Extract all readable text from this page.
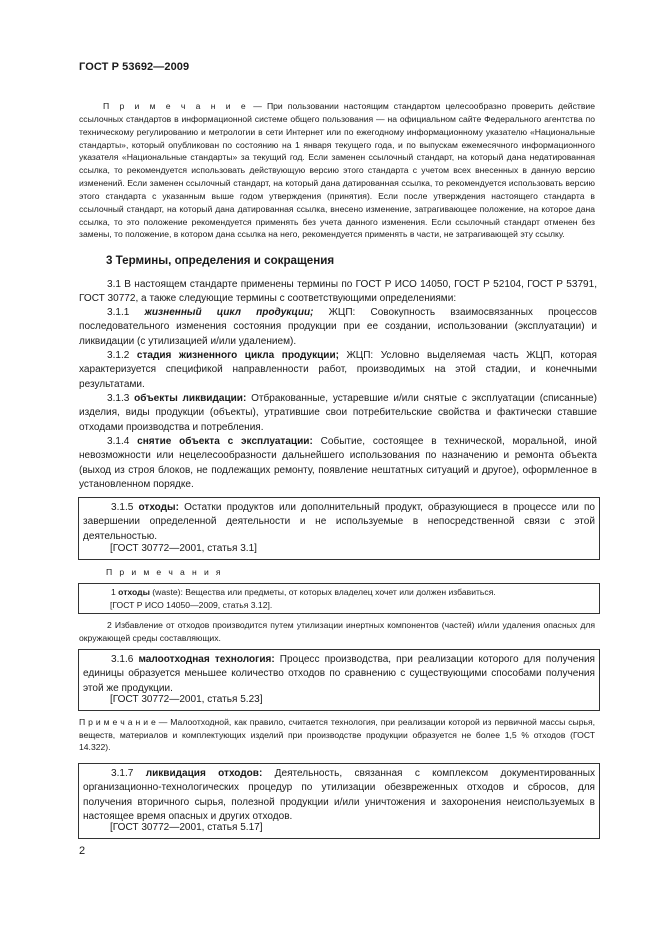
ГОСТ Р 53692—2009
П р и м е ч а н и е — При пользовании настоящим стандартом целесообразно проверить действие ссылочных стандартов в информационной системе общего пользования — на официальном сайте Федерального агентства по техническому регулированию и метрологии в сети Интернет или по ежегодному информационному указателю «Национальные стандарты», который опубликован по состоянию на 1 января текущего года, и по выпускам ежемесячного информационного указателя «Национальные стандарты» за текущий год. Если заменен ссылочный стандарт, на который дана недатированная ссылка, то рекомендуется использовать действующую версию этого стандарта с учетом всех внесенных в данную версию изменений. Если заменен ссылочный стандарт, на который дана датированная ссылка, то рекомендуется использовать версию этого стандарта с указанным выше годом утверждения (принятия). Если после утверждения настоящего стандарта в ссылочный стандарт, на который дана датированная ссылка, внесено изменение, затрагивающее положение, на которое дана ссылка, то это положение рекомендуется применять без учета данного изменения. Если ссылочный стандарт отменен без замены, то положение, в котором дана ссылка на него, рекомендуется применять в части, не затрагивающей эту ссылку.
3 Термины, определения и сокращения
3.1 В настоящем стандарте применены термины по ГОСТ Р ИСО 14050, ГОСТ Р 52104, ГОСТ Р 53791, ГОСТ 30772, а также следующие термины с соответствующими определениями:
3.1.1 жизненный цикл продукции; ЖЦП: Совокупность взаимосвязанных процессов последовательного изменения состояния продукции при ее создании, использовании (эксплуатации) и ликвидации (с утилизацией и/или удалением).
3.1.2 стадия жизненного цикла продукции; ЖЦП: Условно выделяемая часть ЖЦП, которая характеризуется спецификой направленности работ, производимых на этой стадии, и конечными результатами.
3.1.3 объекты ликвидации: Отбракованные, устаревшие и/или снятые с эксплуатации (списанные) изделия, виды продукции (объекты), утратившие свои потребительские свойства и фактически ставшие отходами производства и потребления.
3.1.4 снятие объекта с эксплуатации: Событие, состоящее в технической, моральной, иной невозможности или нецелесообразности дальнейшего использования по назначению и ремонта объекта (выход из строя блоков, не подлежащих ремонту, появление нештатных ситуаций и другое), оформленное в установленном порядке.
3.1.5 отходы: Остатки продуктов или дополнительный продукт, образующиеся в процессе или по завершении определенной деятельности и не используемые в непосредственной связи с этой деятельностью.
[ГОСТ 30772—2001, статья 3.1]
П р и м е ч а н и я
1 отходы (waste): Вещества или предметы, от которых владелец хочет или должен избавиться.
[ГОСТ Р ИСО 14050—2009, статья 3.12].
2 Избавление от отходов производится путем утилизации инертных компонентов (частей) и/или удаления опасных для окружающей среды составляющих.
3.1.6 малоотходная технология: Процесс производства, при реализации которого для получения единицы образуется меньшее количество отходов по сравнению с существующими способами получения этой же продукции.
[ГОСТ 30772—2001, статья 5.23]
П р и м е ч а н и е — Малоотходной, как правило, считается технология, при реализации которой из первичной массы сырья, веществ, материалов и комплектующих изделий при производстве продукции образуется не более 1,5 % отходов (ГОСТ 14.322).
3.1.7 ликвидация отходов: Деятельность, связанная с комплексом документированных организационно-технологических процедур по утилизации обезвреженных отходов и сбросов, для получения вторичного сырья, полезной продукции и/или уничтожения и захоронения неиспользуемых в настоящее время опасных и других отходов.
[ГОСТ 30772—2001, статья 5.17]
2
